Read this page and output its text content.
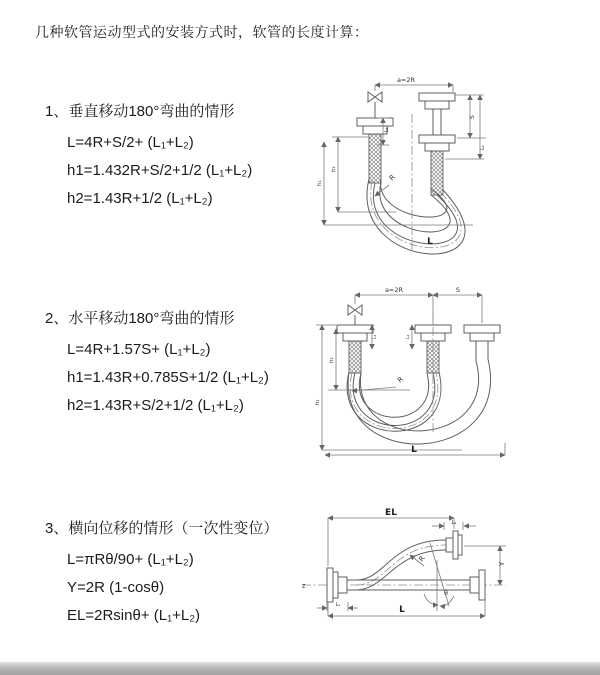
几种软管运动型式的安装方式时，软管的长度计算：

1、垂直移动180°弯曲的情形

L=4R+S/2+ (L₁+L₂)
h1=1.432R+S/2+1/2 (L₁+L₂)
h2=1.43R+1/2 (L₁+L₂)

2、水平移动180°弯曲的情形

L=4R+1.57S+ (L₁+L₂)
h1=1.43R+0.785S+1/2 (L₁+L₂)
h2=1.43R+S/2+1/2 (L₁+L₂)

3、横向位移的情形（一次性变位）

L=πRθ/90+ (L₁+L₂)
Y=2R (1-cosθ)
EL=2Rsinθ+ (L₁+L₂)
a=2R
R
h₁
h₂
L₁
S
L₂
L
a=2R	S
h₁
h₂
L₁	L₂
R
L
Z
EL
L₂
Y
θ
R
L₁	L
